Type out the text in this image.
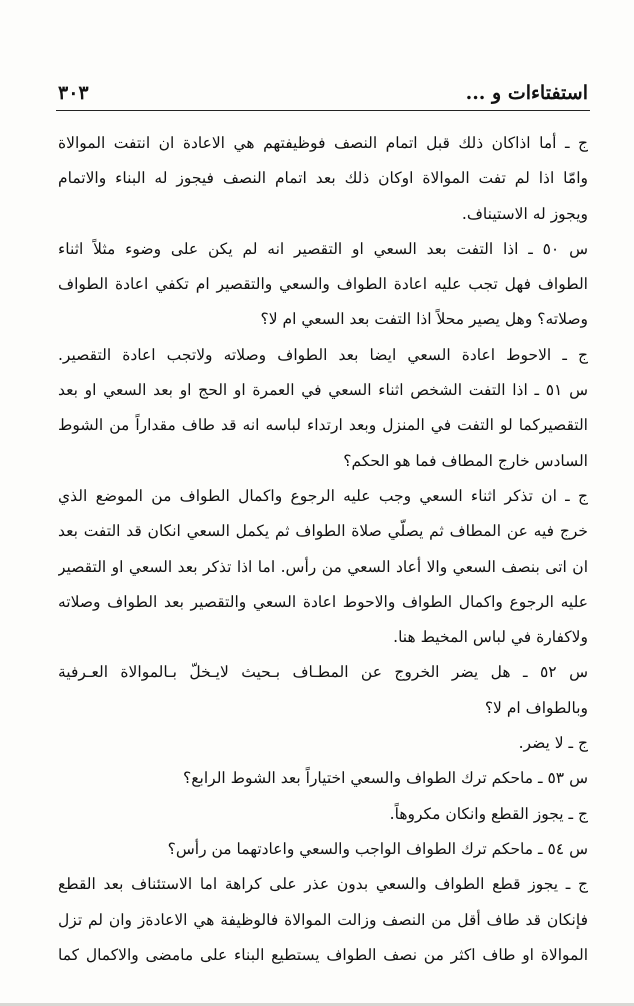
استفتاءات و ...
٣٠٣
ج ـ أما اذاكان ذلك قبل اتمام النصف فوظيفتهم هي الاعادة ان انتفت الموالاة
وامّا اذا لم تفت الموالاة اوكان ذلك بعد اتمام النصف فيجوز له البناء والاتمام
ويجوز له الاستيناف.
س ٥٠ ـ اذا التفت بعد السعي او التقصير انه لم يكن على وضوء مثلاً اثناء
الطواف فهل تجب عليه اعادة الطواف والسعي والتقصير ام تكفي اعادة الطواف
وصلاته؟ وهل يصير محلاً اذا التفت بعد السعي ام لا؟
ج ـ الاحوط اعادة السعي ايضا بعد الطواف وصلاته ولاتجب اعادة التقصير.
س ٥١ ـ اذا التفت الشخص اثناء السعي في العمرة او الحج او بعد السعي او بعد
التقصيركما لو التفت في المنزل وبعد ارتداء لباسه انه قد طاف مقداراً من الشوط
السادس خارج المطاف فما هو الحكم؟
ج ـ ان تذكر اثناء السعي وجب عليه الرجوع واكمال الطواف من الموضع الذي
خرج فيه عن المطاف ثم يصلّي صلاة الطواف ثم يكمل السعي انكان قد التفت بعد
ان اتى بنصف السعي والا أعاد السعي من رأس. اما اذا تذكر بعد السعي او التقصير
عليه الرجوع واكمال الطواف والاحوط اعادة السعي والتقصير بعد الطواف وصلاته
ولاكفارة في لباس المخيط هنا.
س ٥٢ ـ هل يضر الخروج عن المطـاف بـحيث لايـخلّ بـالموالاة العـرفية
وبالطواف ام لا؟
ج ـ لا يضر.
س ٥٣ ـ ماحكم ترك الطواف والسعي اختياراً بعد الشوط الرابع؟
ج ـ يجوز القطع وانكان مكروهاً.
س ٥٤ ـ ماحكم ترك الطواف الواجب والسعي واعادتهما من رأس؟
ج ـ يجوز قطع الطواف والسعي بدون عذر على كراهة اما الاستئناف بعد القطع
فإنكان قد طاف أقل من النصف وزالت الموالاة فالوظيفة هي الاعادةز وان لم تزل
الموالاة او طاف اكثر من نصف الطواف يستطيع البناء على مامضى والاكمال كما
